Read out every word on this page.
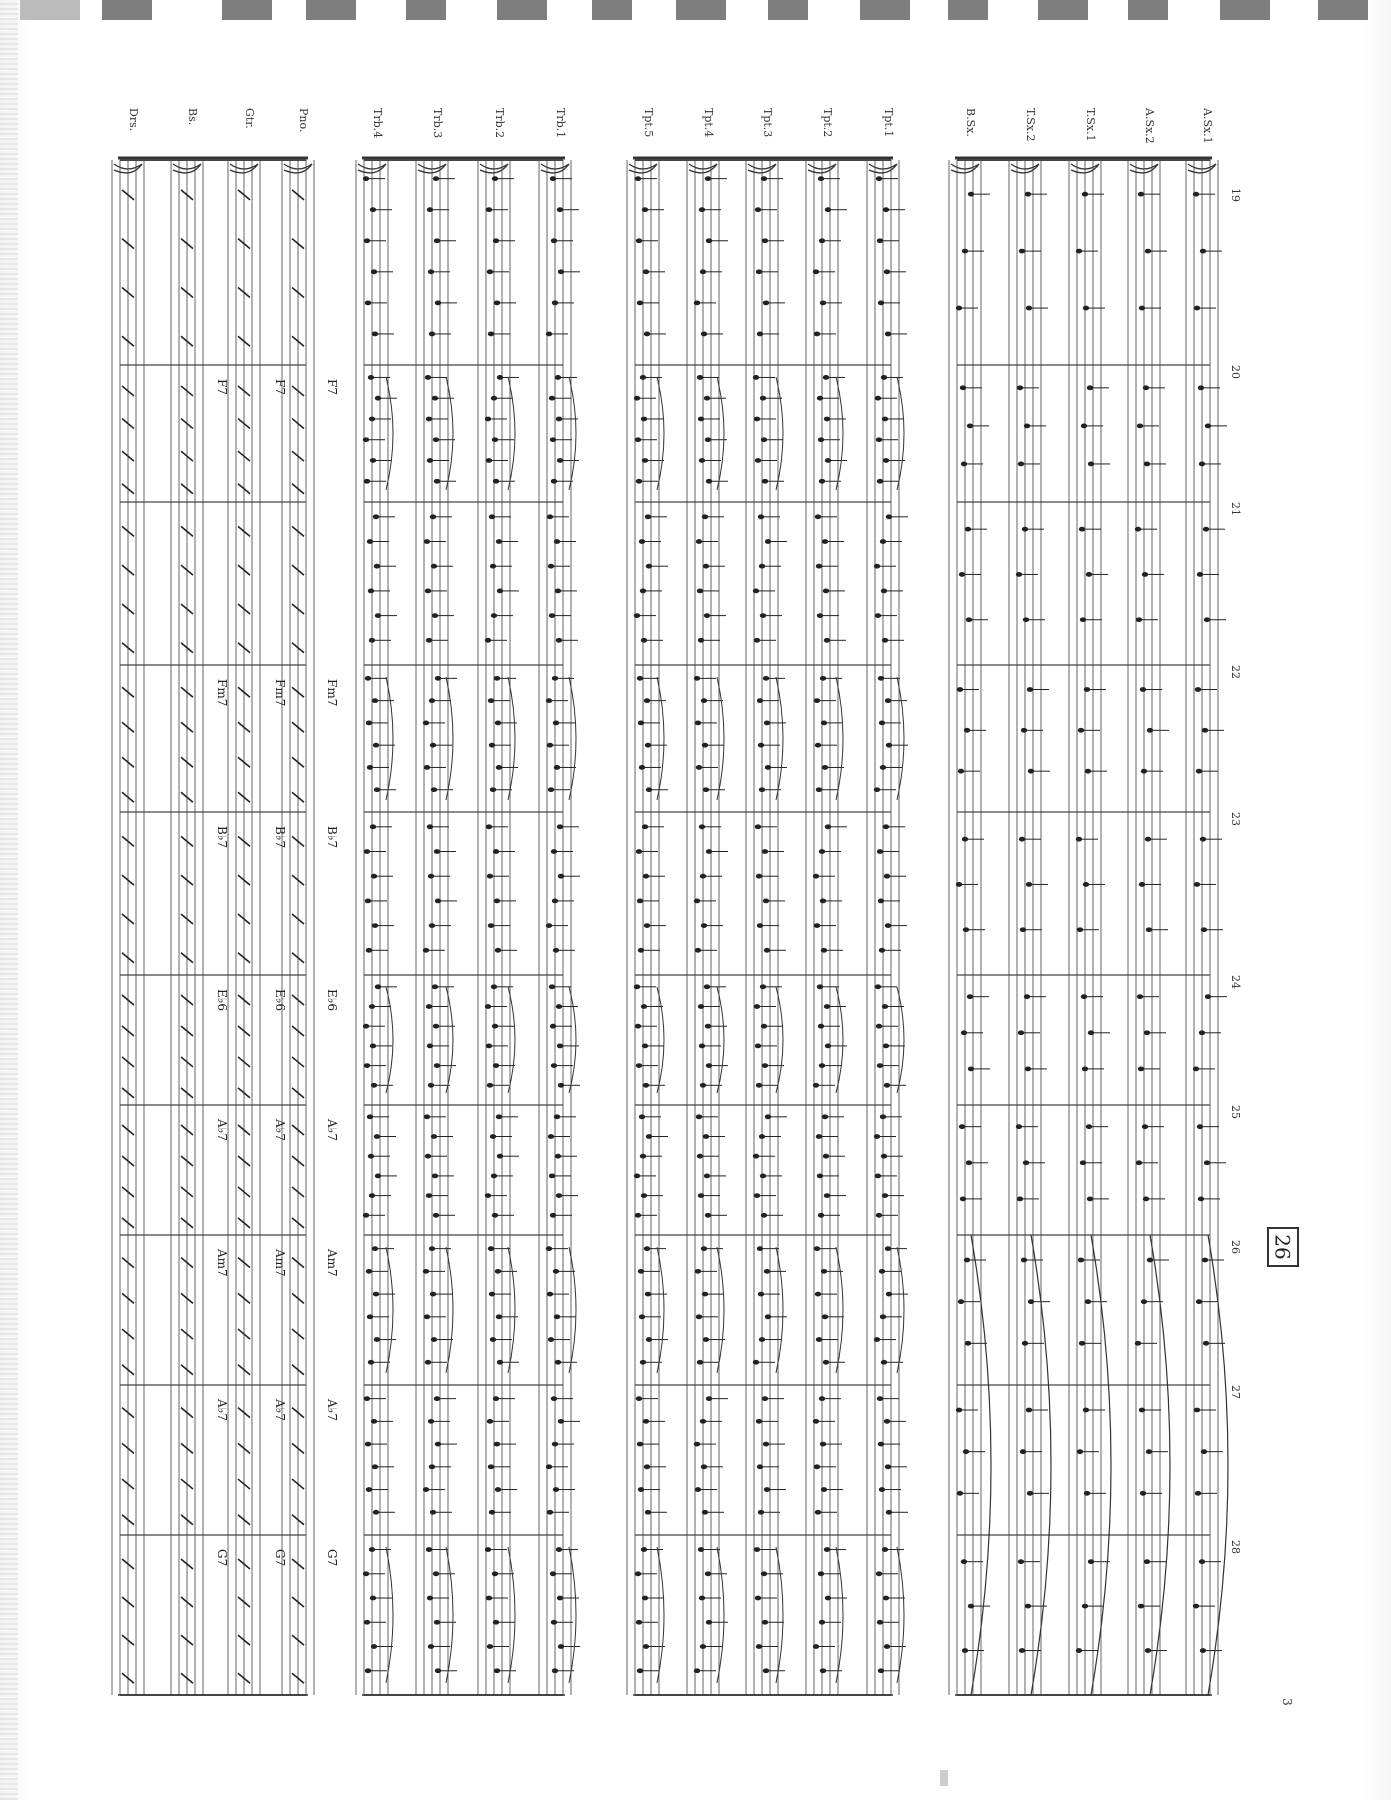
A.Sx.1
A.Sx.2
T.Sx.1
T.Sx.2
B.Sx.
Tpt.1
Tpt.2
Tpt.3
Tpt.4
Tpt.5
Trb.1
Trb.2
Trb.3
Trb.4
Pno.
Gtr.
Bs.
Drs.
F7
Fm7
B♭7
E♭6
A♭7
Am7
A♭7
G7
F7
Fm7
B♭7
E♭6
A♭7
Am7
A♭7
G7
F7
Fm7
B♭7
E♭6
A♭7
Am7
A♭7
G7
19
20
21
22
23
24
25
26
27
28
26
3
